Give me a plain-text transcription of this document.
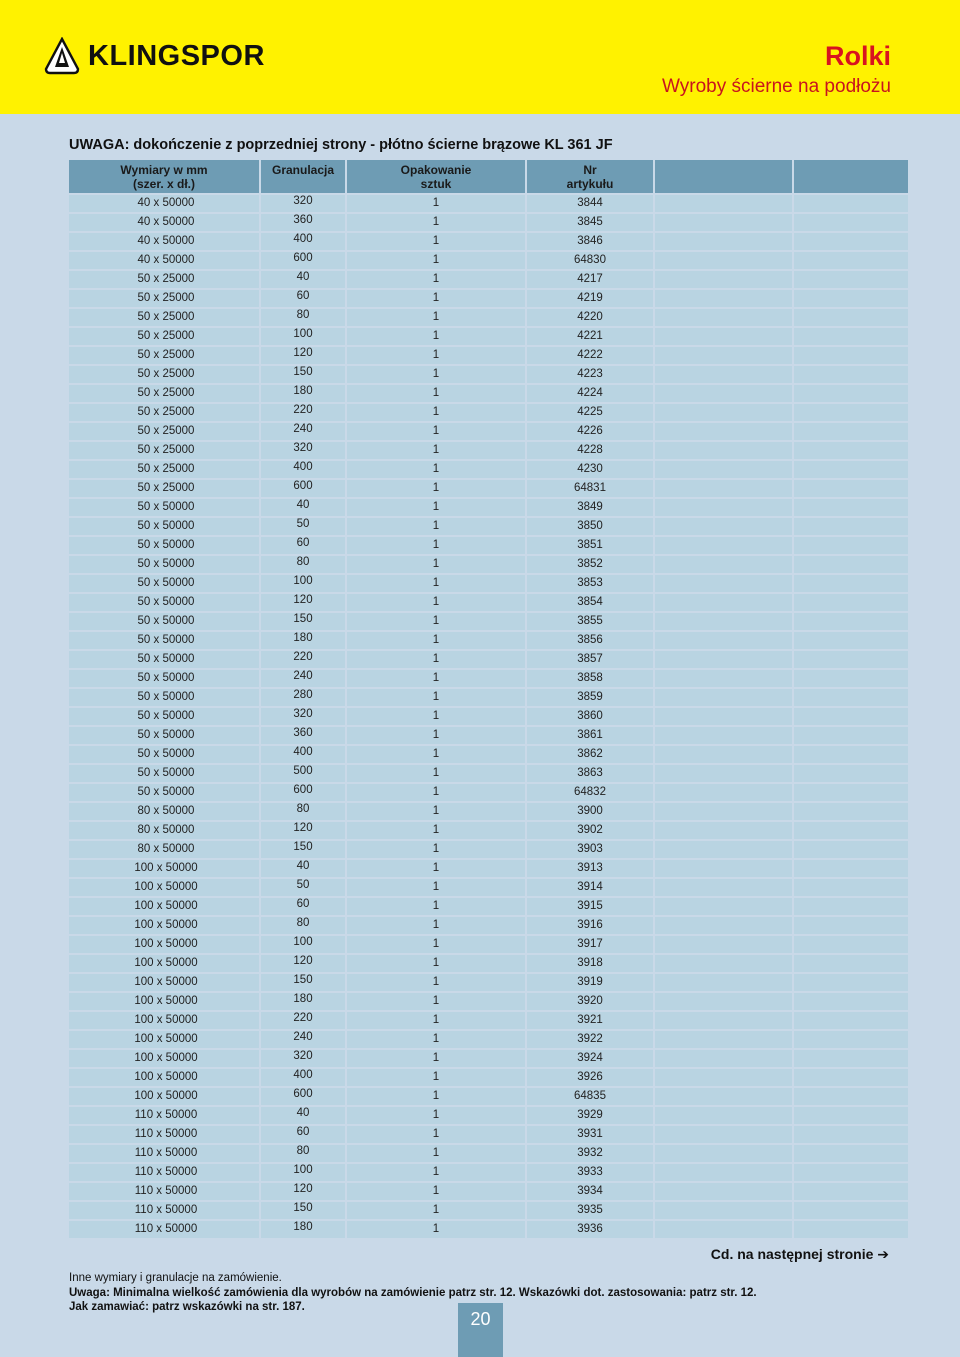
KLINGSPOR	Rolki
Wyroby ścierne na podłożu
UWAGA: dokończenie z poprzedniej strony - płótno ścierne brązowe KL 361 JF
Wymiary w mm
(szer. x dł.)
Granulacja	Opakowanie
sztuk
Nr
artykułu
40 x 50000	320	1	3844
40 x 50000	360	1	3845
40 x 50000	400	1	3846
40 x 50000	600	1	64830
50 x 25000	40	1	4217
50 x 25000	60	1	4219
50 x 25000	80	1	4220
50 x 25000	100	1	4221
50 x 25000	120	1	4222
50 x 25000	150	1	4223
50 x 25000	180	1	4224
50 x 25000	220	1	4225
50 x 25000	240	1	4226
50 x 25000	320	1	4228
50 x 25000	400	1	4230
50 x 25000	600	1	64831
50 x 50000	40	1	3849
50 x 50000	50	1	3850
50 x 50000	60	1	3851
50 x 50000	80	1	3852
50 x 50000	100	1	3853
50 x 50000	120	1	3854
50 x 50000	150	1	3855
50 x 50000	180	1	3856
50 x 50000	220	1	3857
50 x 50000	240	1	3858
50 x 50000	280	1	3859
50 x 50000	320	1	3860
50 x 50000	360	1	3861
50 x 50000	400	1	3862
50 x 50000	500	1	3863
50 x 50000	600	1	64832
80 x 50000	80	1	3900
80 x 50000	120	1	3902
80 x 50000	150	1	3903
100 x 50000	40	1	3913
100 x 50000	50	1	3914
100 x 50000	60	1	3915
100 x 50000	80	1	3916
100 x 50000	100	1	3917
100 x 50000	120	1	3918
100 x 50000	150	1	3919
100 x 50000	180	1	3920
100 x 50000	220	1	3921
100 x 50000	240	1	3922
100 x 50000	320	1	3924
100 x 50000	400	1	3926
100 x 50000	600	1	64835
110 x 50000	40	1	3929
110 x 50000	60	1	3931
110 x 50000	80	1	3932
110 x 50000	100	1	3933
110 x 50000	120	1	3934
110 x 50000	150	1	3935
110 x 50000	180	1	3936
Cd. na następnej stronie ➔
Inne wymiary i granulacje na zamówienie.
Uwaga: Minimalna wielkość zamówienia dla wyrobów na zamówienie patrz str. 12. Wskazówki dot. zastosowania: patrz str. 12.
Jak zamawiać: patrz wskazówki na str. 187.
20
